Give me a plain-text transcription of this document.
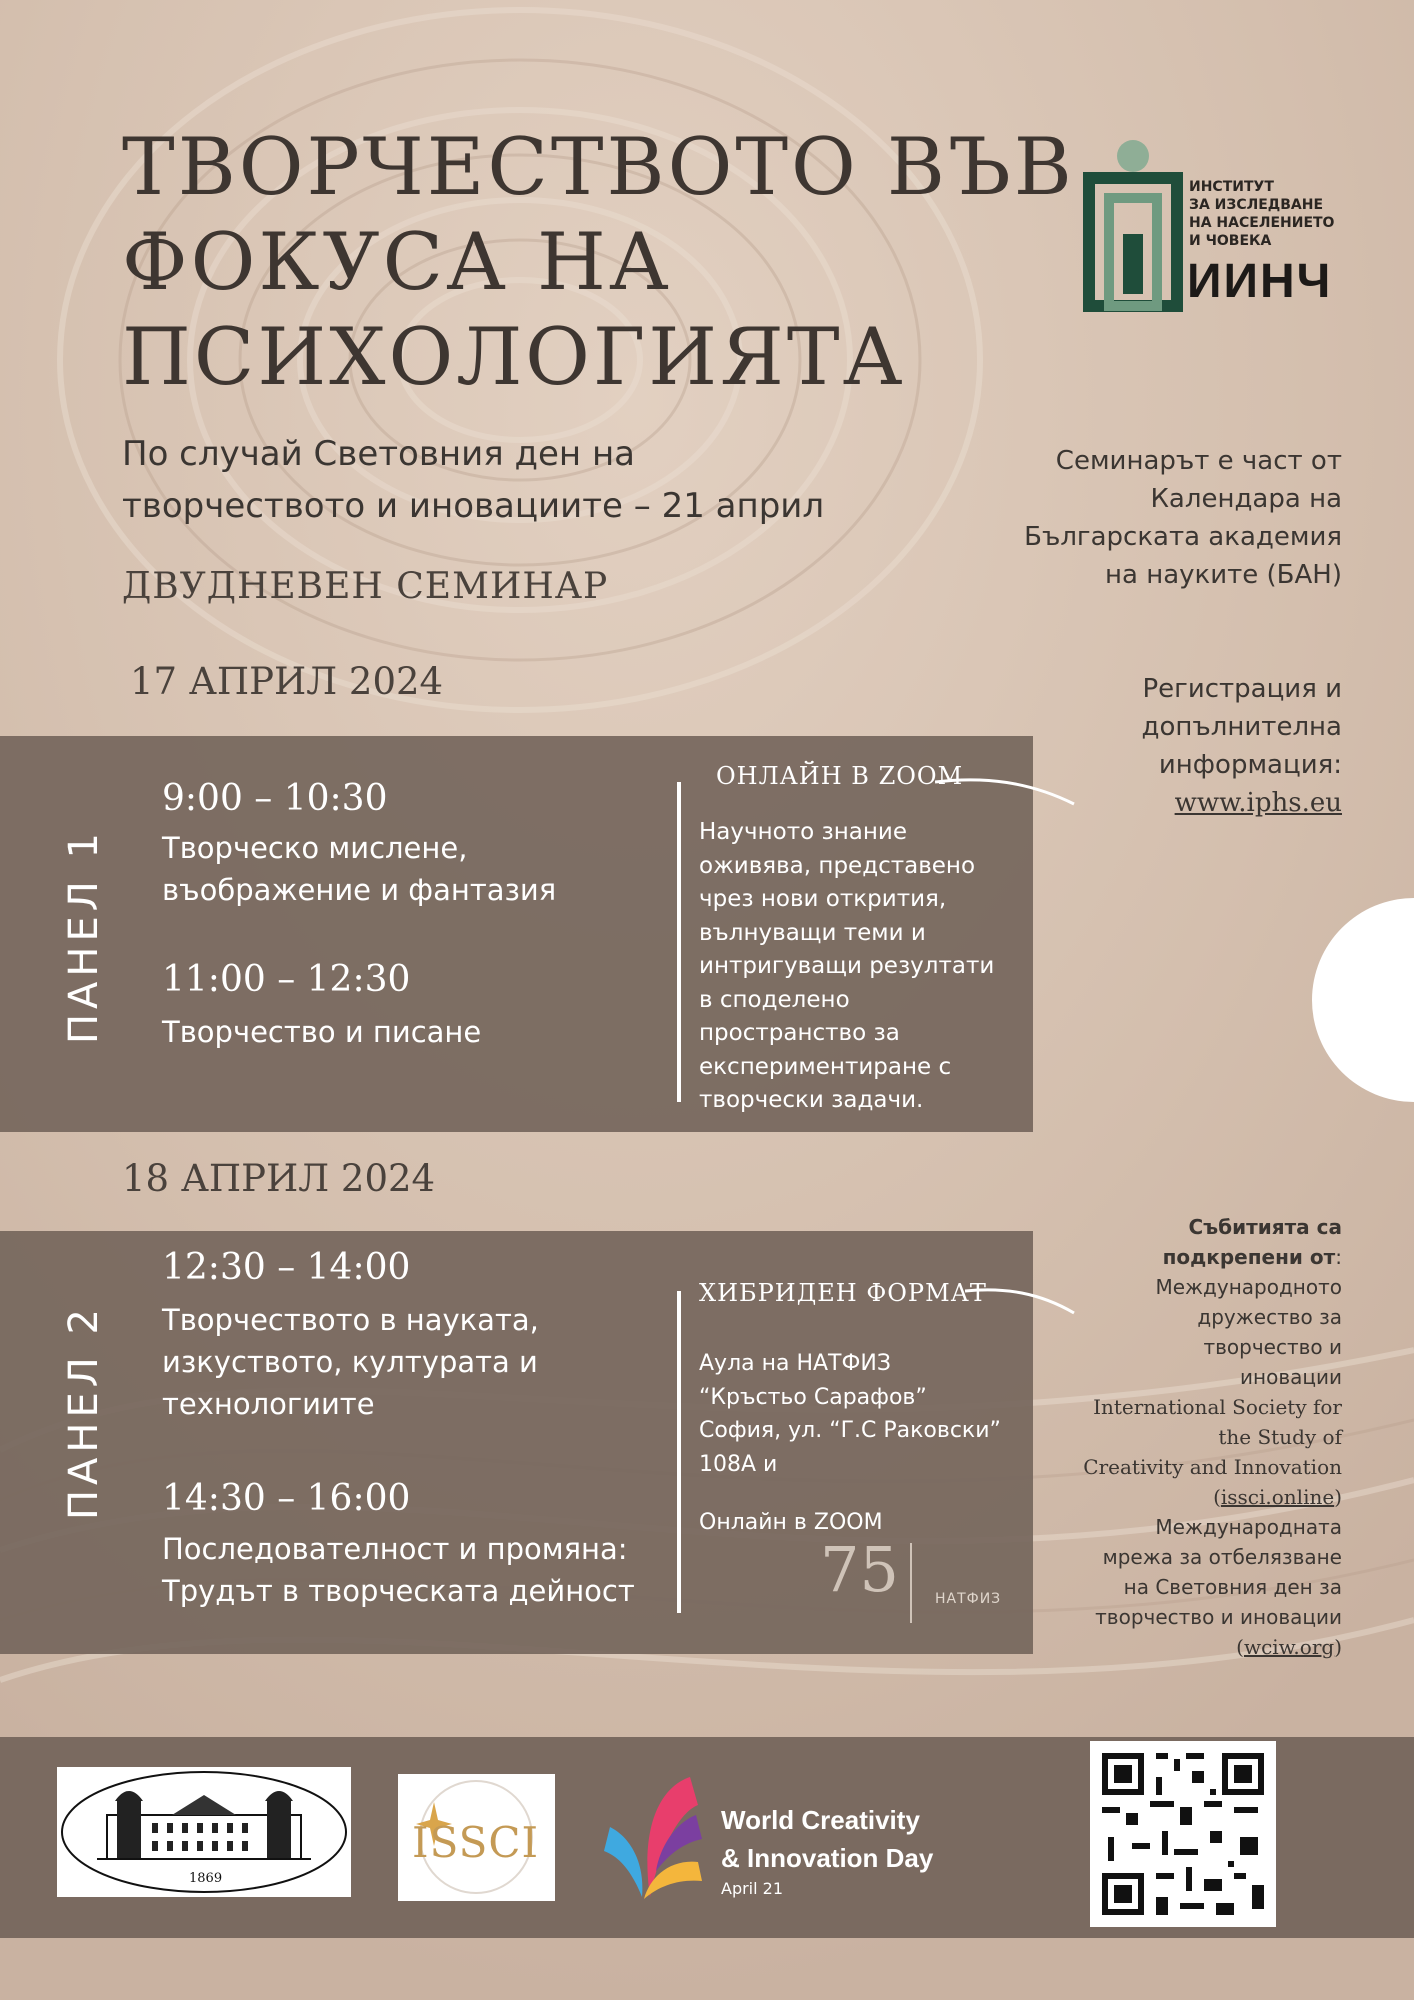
ТВОРЧЕСТВОТО ВЪВ
ФОКУСА НА
ПСИХОЛОГИЯТА
По случай Световния ден на
творчеството и иновациите – 21 април
ДВУДНЕВЕН СЕМИНАР
17 АПРИЛ 2024
ИНСТИТУТ
ЗА ИЗСЛЕДВАНЕ
НА НАСЕЛЕНИЕТО
И ЧОВЕКА
ИИНЧ
Семинарът е част от
Календара на
Българската академия
на науките (БАН)
Регистрация и
допълнителна
информация:
www.iphs.eu
ПАНЕЛ 1
9:00 – 10:30
Творческо мислене,
въображение и фантазия
11:00 – 12:30
Творчество и писане
ОНЛАЙН В ZOOM
Научното знание
оживява, представено
чрез нови открития,
вълнуващи теми и
интригуващи резултати
в споделено
пространство за
експериментиране с
творчески задачи.
18 АПРИЛ 2024
ПАНЕЛ 2
12:30 – 14:00
Творчеството в науката,
изкуството, културата и
технологиите
14:30 – 16:00
Последователност и промяна:
Трудът в творческата дейност
ХИБРИДЕН ФОРМАТ
Аула на НАТФИЗ
“Кръстьо Сарафов”
София, ул. “Г.С Раковски”
108А и
Онлайн в ZOOM
75	НАТФИЗ
Събитията са
подкрепени от:
Международното
дружество за
творчество и
иновации
International Society for
the Study of
Creativity and Innovation
(issci.online)
Международната
мрежа за отбелязване
на Световния ден за
творчество и иновации
(wciw.org)
1869
ISSCI	World Creativity
& Innovation Day
April 21
